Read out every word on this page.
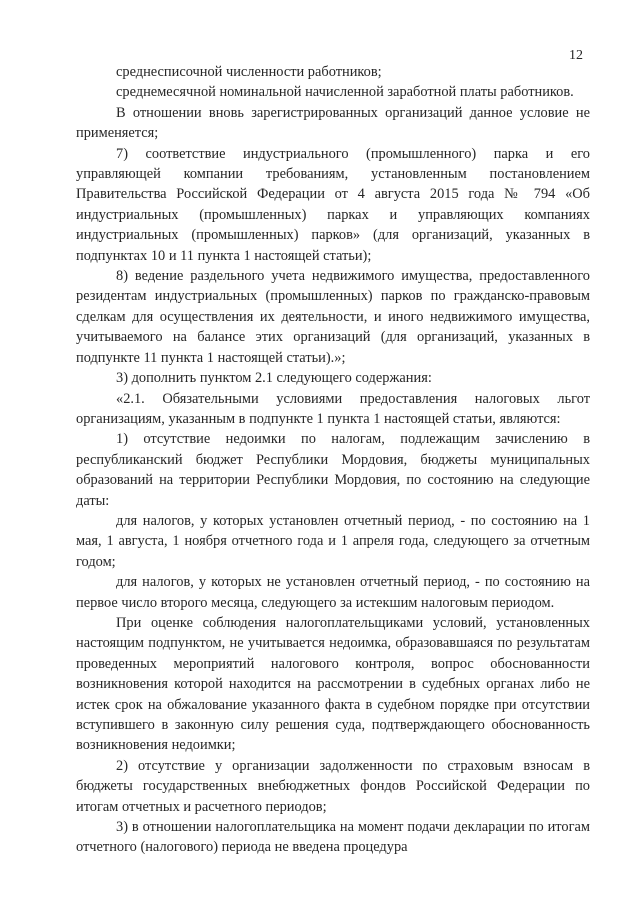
12

среднесписочной численности работников;

среднемесячной номинальной начисленной заработной платы работников.

В отношении вновь зарегистрированных организаций данное условие не применяется;

7) соответствие индустриального (промышленного) парка и его управляющей компании требованиям, установленным постановлением Правительства Российской Федерации от 4 августа 2015 года № 794 «Об индустриальных (промышленных) парках и управляющих компаниях индустриальных (промышленных) парков» (для организаций, указанных в подпунктах 10 и 11 пункта 1 настоящей статьи);

8) ведение раздельного учета недвижимого имущества, предоставленного резидентам индустриальных (промышленных) парков по гражданско-правовым сделкам для осуществления их деятельности, и иного недвижимого имущества, учитываемого на балансе этих организаций (для организаций, указанных в подпункте 11 пункта 1 настоящей статьи).»;

3) дополнить пунктом 2.1 следующего содержания:

«2.1. Обязательными условиями предоставления налоговых льгот организациям, указанным в подпункте 1 пункта 1 настоящей статьи, являются:

1) отсутствие недоимки по налогам, подлежащим зачислению в республиканский бюджет Республики Мордовия, бюджеты муниципальных образований на территории Республики Мордовия, по состоянию на следующие даты:

для налогов, у которых установлен отчетный период, - по состоянию на 1 мая, 1 августа, 1 ноября отчетного года и 1 апреля года, следующего за отчетным годом;

для налогов, у которых не установлен отчетный период, - по состоянию на первое число второго месяца, следующего за истекшим налоговым периодом.

При оценке соблюдения налогоплательщиками условий, установленных настоящим подпунктом, не учитывается недоимка, образовавшаяся по результатам проведенных мероприятий налогового контроля, вопрос обоснованности возникновения которой находится на рассмотрении в судебных органах либо не истек срок на обжалование указанного факта в судебном порядке при отсутствии вступившего в законную силу решения суда, подтверждающего обоснованность возникновения недоимки;

2) отсутствие у организации задолженности по страховым взносам в бюджеты государственных внебюджетных фондов Российской Федерации по итогам отчетных и расчетного периодов;

3) в отношении налогоплательщика на момент подачи декларации по итогам отчетного (налогового) периода не введена процедура
